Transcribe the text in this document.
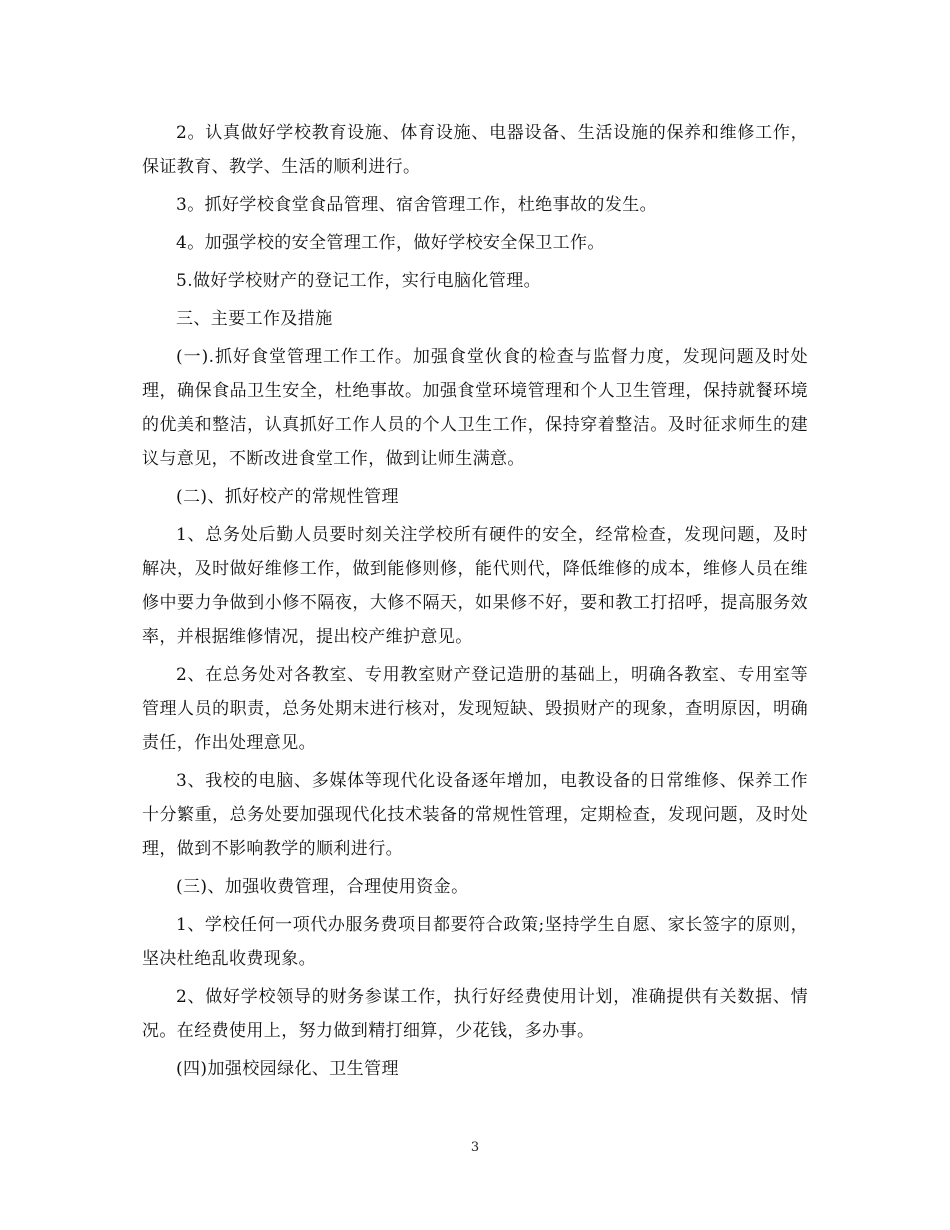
2。认真做好学校教育设施、体育设施、电器设备、生活设施的保养和维修工作，保证教育、教学、生活的顺利进行。

3。抓好学校食堂食品管理、宿舍管理工作，杜绝事故的发生。

4。加强学校的安全管理工作，做好学校安全保卫工作。

5.做好学校财产的登记工作，实行电脑化管理。

三、主要工作及措施

(一).抓好食堂管理工作工作。加强食堂伙食的检查与监督力度，发现问题及时处理，确保食品卫生安全，杜绝事故。加强食堂环境管理和个人卫生管理，保持就餐环境的优美和整洁，认真抓好工作人员的个人卫生工作，保持穿着整洁。及时征求师生的建议与意见，不断改进食堂工作，做到让师生满意。

(二)、抓好校产的常规性管理

1、总务处后勤人员要时刻关注学校所有硬件的安全，经常检查，发现问题，及时解决，及时做好维修工作，做到能修则修，能代则代，降低维修的成本，维修人员在维修中要力争做到小修不隔夜，大修不隔天，如果修不好，要和教工打招呼，提高服务效率，并根据维修情况，提出校产维护意见。

2、在总务处对各教室、专用教室财产登记造册的基础上，明确各教室、专用室等管理人员的职责，总务处期末进行核对，发现短缺、毁损财产的现象，查明原因，明确责任，作出处理意见。

3、我校的电脑、多媒体等现代化设备逐年增加，电教设备的日常维修、保养工作十分繁重，总务处要加强现代化技术装备的常规性管理，定期检查，发现问题，及时处理，做到不影响教学的顺利进行。

(三)、加强收费管理，合理使用资金。

1、学校任何一项代办服务费项目都要符合政策;坚持学生自愿、家长签字的原则，坚决杜绝乱收费现象。

2、做好学校领导的财务参谋工作，执行好经费使用计划，准确提供有关数据、情况。在经费使用上，努力做到精打细算，少花钱，多办事。

(四)加强校园绿化、卫生管理

3
